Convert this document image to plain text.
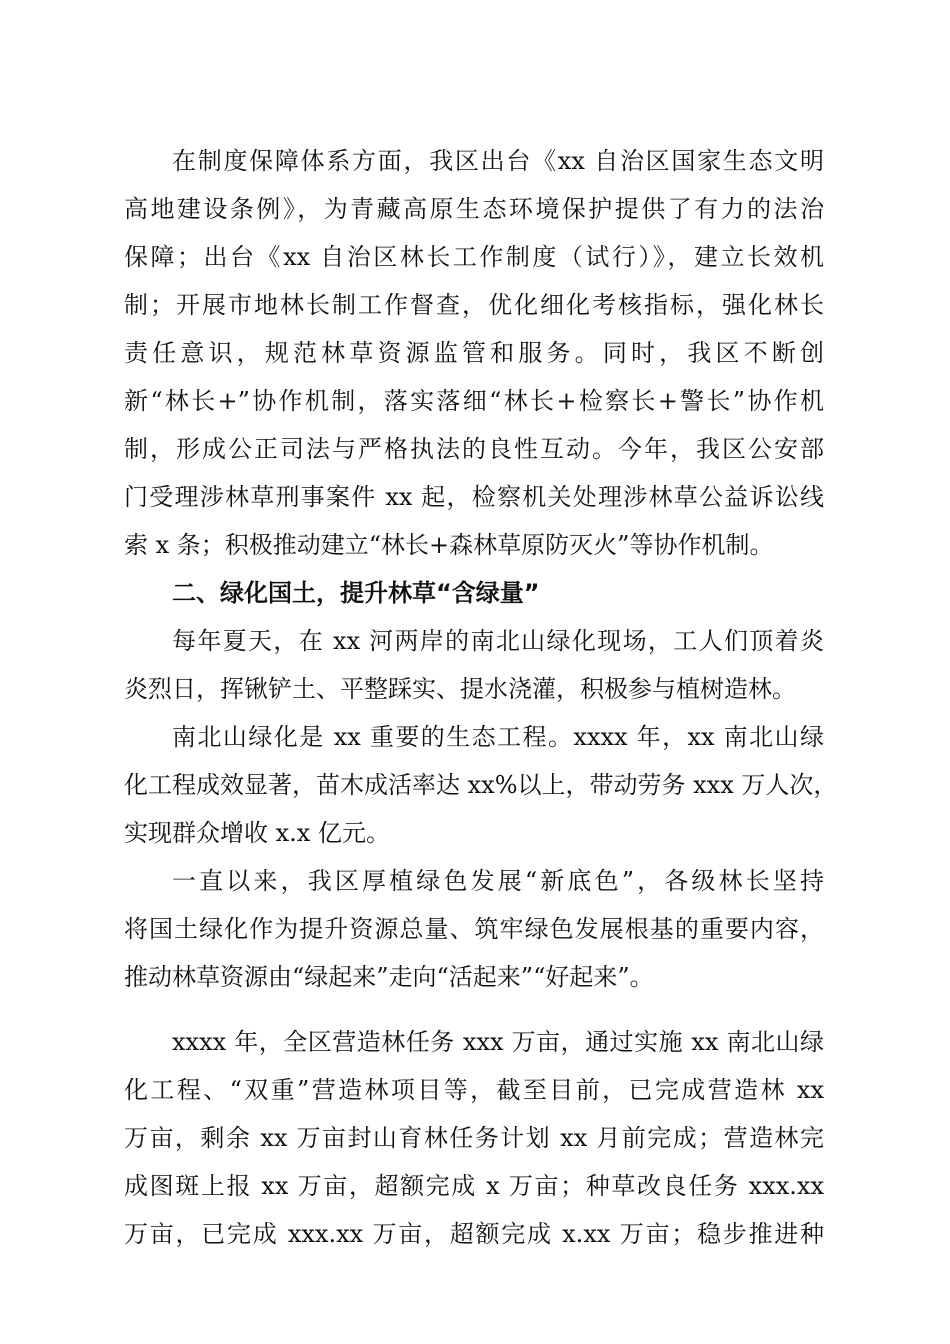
在制度保障体系方面，我区出台《xx 自治区国家生态文明
高地建设条例》，为青藏高原生态环境保护提供了有力的法治
保障；出台《xx 自治区林长工作制度（试行）》，建立长效机
制；开展市地林长制工作督查，优化细化考核指标，强化林长
责任意识，规范林草资源监管和服务。同时，我区不断创
新“林长+”协作机制，落实落细“林长+检察长+警长”协作机
制，形成公正司法与严格执法的良性互动。今年，我区公安部
门受理涉林草刑事案件 xx 起，检察机关处理涉林草公益诉讼线
索 x 条；积极推动建立“林长+森林草原防灭火”等协作机制。
二、绿化国土，提升林草“含绿量”
每年夏天，在 xx 河两岸的南北山绿化现场，工人们顶着炎
炎烈日，挥锹铲土、平整踩实、提水浇灌，积极参与植树造林。
南北山绿化是 xx 重要的生态工程。xxxx 年，xx 南北山绿
化工程成效显著，苗木成活率达 xx%以上，带动劳务 xxx 万人次，
实现群众增收 x.x 亿元。
一直以来，我区厚植绿色发展“新底色”，各级林长坚持
将国土绿化作为提升资源总量、筑牢绿色发展根基的重要内容，
推动林草资源由“绿起来”走向“活起来”“好起来”。
xxxx 年，全区营造林任务 xxx 万亩，通过实施 xx 南北山绿
化工程、“双重”营造林项目等，截至目前，已完成营造林 xx
万亩，剩余 xx 万亩封山育林任务计划 xx 月前完成；营造林完
成图斑上报 xx 万亩，超额完成 x 万亩；种草改良任务 xxx.xx
万亩，已完成 xxx.xx 万亩，超额完成 x.xx 万亩；稳步推进种
